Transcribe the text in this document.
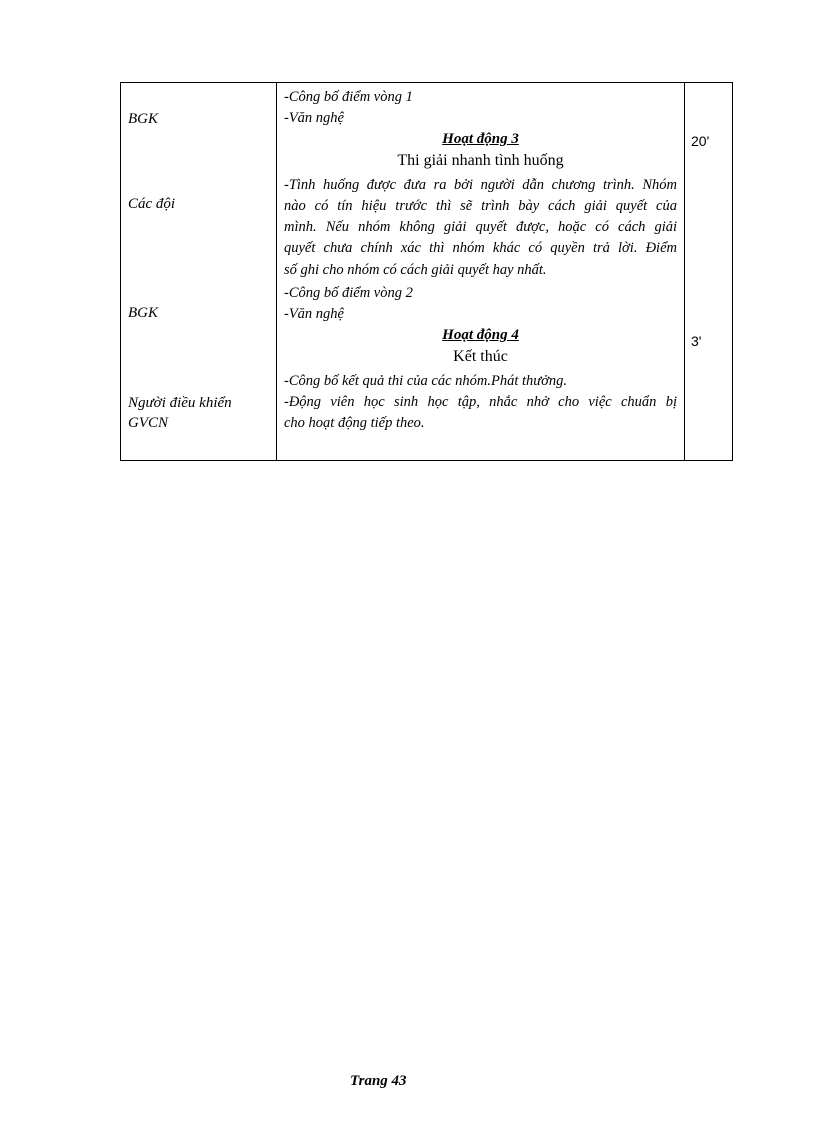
BGK
Các đội
BGK
Người điều khiển
GVCN
-Công bố điểm vòng 1
-Văn nghệ
Hoạt động 3
Thi giải nhanh tình huống
-Tình huống được đưa ra bởi người dẫn chương trình. Nhóm
nào có tín hiệu trước thì sẽ trình bày cách giải quyết của
mình. Nếu nhóm không giải quyết được, hoặc có cách giải
quyết chưa chính xác thì nhóm khác có quyền trả lời. Điểm
số ghi cho nhóm có cách giải quyết hay nhất.
-Công bố điểm vòng 2
-Văn nghệ
Hoạt động 4
Kết thúc
-Công bố kết quả thi của các nhóm.Phát thưởng.
-Động viên học sinh học tập, nhắc nhở cho việc chuẩn bị
cho hoạt động tiếp theo.
20'
3'
Trang 43
